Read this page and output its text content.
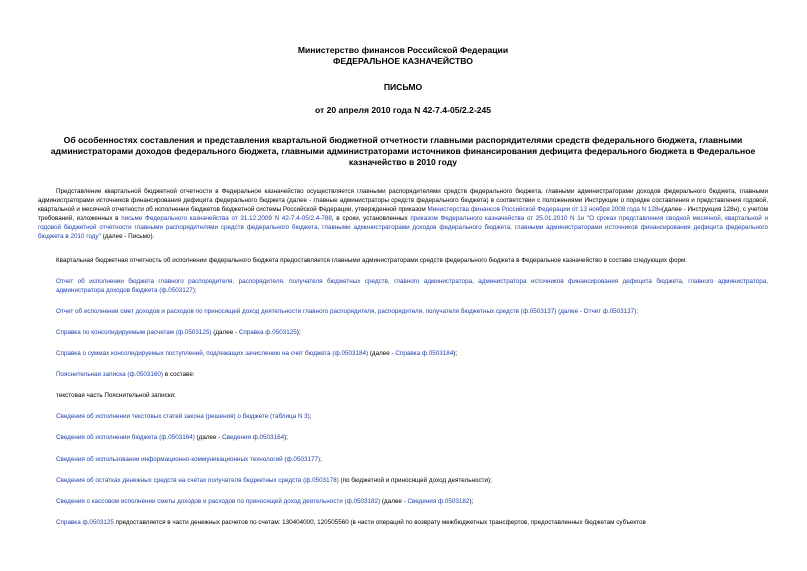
Министерство финансов Российской Федерации
ФЕДЕРАЛЬНОЕ КАЗНАЧЕЙСТВО
ПИСЬМО
от 20 апреля 2010 года N 42-7.4-05/2.2-245
Об особенностях составления и представления квартальной бюджетной отчетности главными распорядителями средств федерального бюджета, главными администраторами доходов федерального бюджета, главными администраторами источников финансирования дефицита федерального бюджета в Федеральное казначейство в 2010 году

Представление квартальной бюджетной отчетности в Федеральное казначейство осуществляется главными распорядителями средств федерального бюджета, главными администраторами доходов федерального бюджета, главными администраторами источников финансирования дефицита федерального бюджета (далее - главные администраторы средств федерального бюджета) в соответствии с положениями Инструкции о порядке составления и представления годовой, квартальной и месячной отчетности об исполнении бюджетов бюджетной системы Российской Федерации, утвержденной приказом Министерства финансов Российской Федерации от 13 ноября 2008 года N 128н(далее - Инструкция 128н), с учетом требований, изложенных в письме Федерального казначейства от 31.12.2009 N 42-7.4-05/2.4-788, в сроки, установленных приказом Федерального казначейства от 25.01.2010 N 1н "О сроках представления сводной месячной, квартальной и годовой бюджетной отчетности главными распорядителями средств федерального бюджета, главными администраторами доходов федерального бюджета, главными администраторами источников финансирования дефицита федерального бюджета в 2010 году" (далее - Письмо).

Квартальная бюджетная отчетность об исполнении федерального бюджета предоставляется главными администраторами средств федерального бюджета в Федеральное казначейство в составе следующих форм:

Отчет об исполнении бюджета главного распорядителя, распорядителя, получателя бюджетных средств, главного администратора, администратора источников финансирования дефицита бюджета, главного администратора, администратора доходов бюджета (ф.0503127);

Отчет об исполнении смет доходов и расходов по приносящей доход деятельности главного распорядителя, распорядителя, получателя бюджетных средств (ф.0503137) (далее - Отчет ф.0503137);

Справка по консолидируемым расчетам (ф.0503125) (далее - Справка ф.0503125);

Справка о суммах консолидируемых поступлений, подлежащих зачислению на счет бюджета (ф.0503184) (далее - Справка ф.0503184);

Пояснительная записка (ф.0503160) в составе:

текстовая часть Пояснительной записки;

Сведения об исполнении текстовых статей закона (решения) о бюджете (таблица N 3);

Сведения об исполнении бюджета (ф.0503164) (далее - Сведения ф.0503164);

Сведения об использовании информационно-коммуникационных технологий (ф.0503177);

Сведения об остатках денежных средств на счетах получателя бюджетных средств (ф.0503178) (по бюджетной и приносящей доход деятельности);

Сведения о кассовом исполнении сметы доходов и расходов по приносящей доход деятельности (ф.0503182) (далее - Сведения ф.0503182);

Справка ф.0503125 предоставляется в части денежных расчетов по счетам: 130404000, 120505560 (в части операций по возврату межбюджетных трансфертов, предоставленных бюджетам субъектов
